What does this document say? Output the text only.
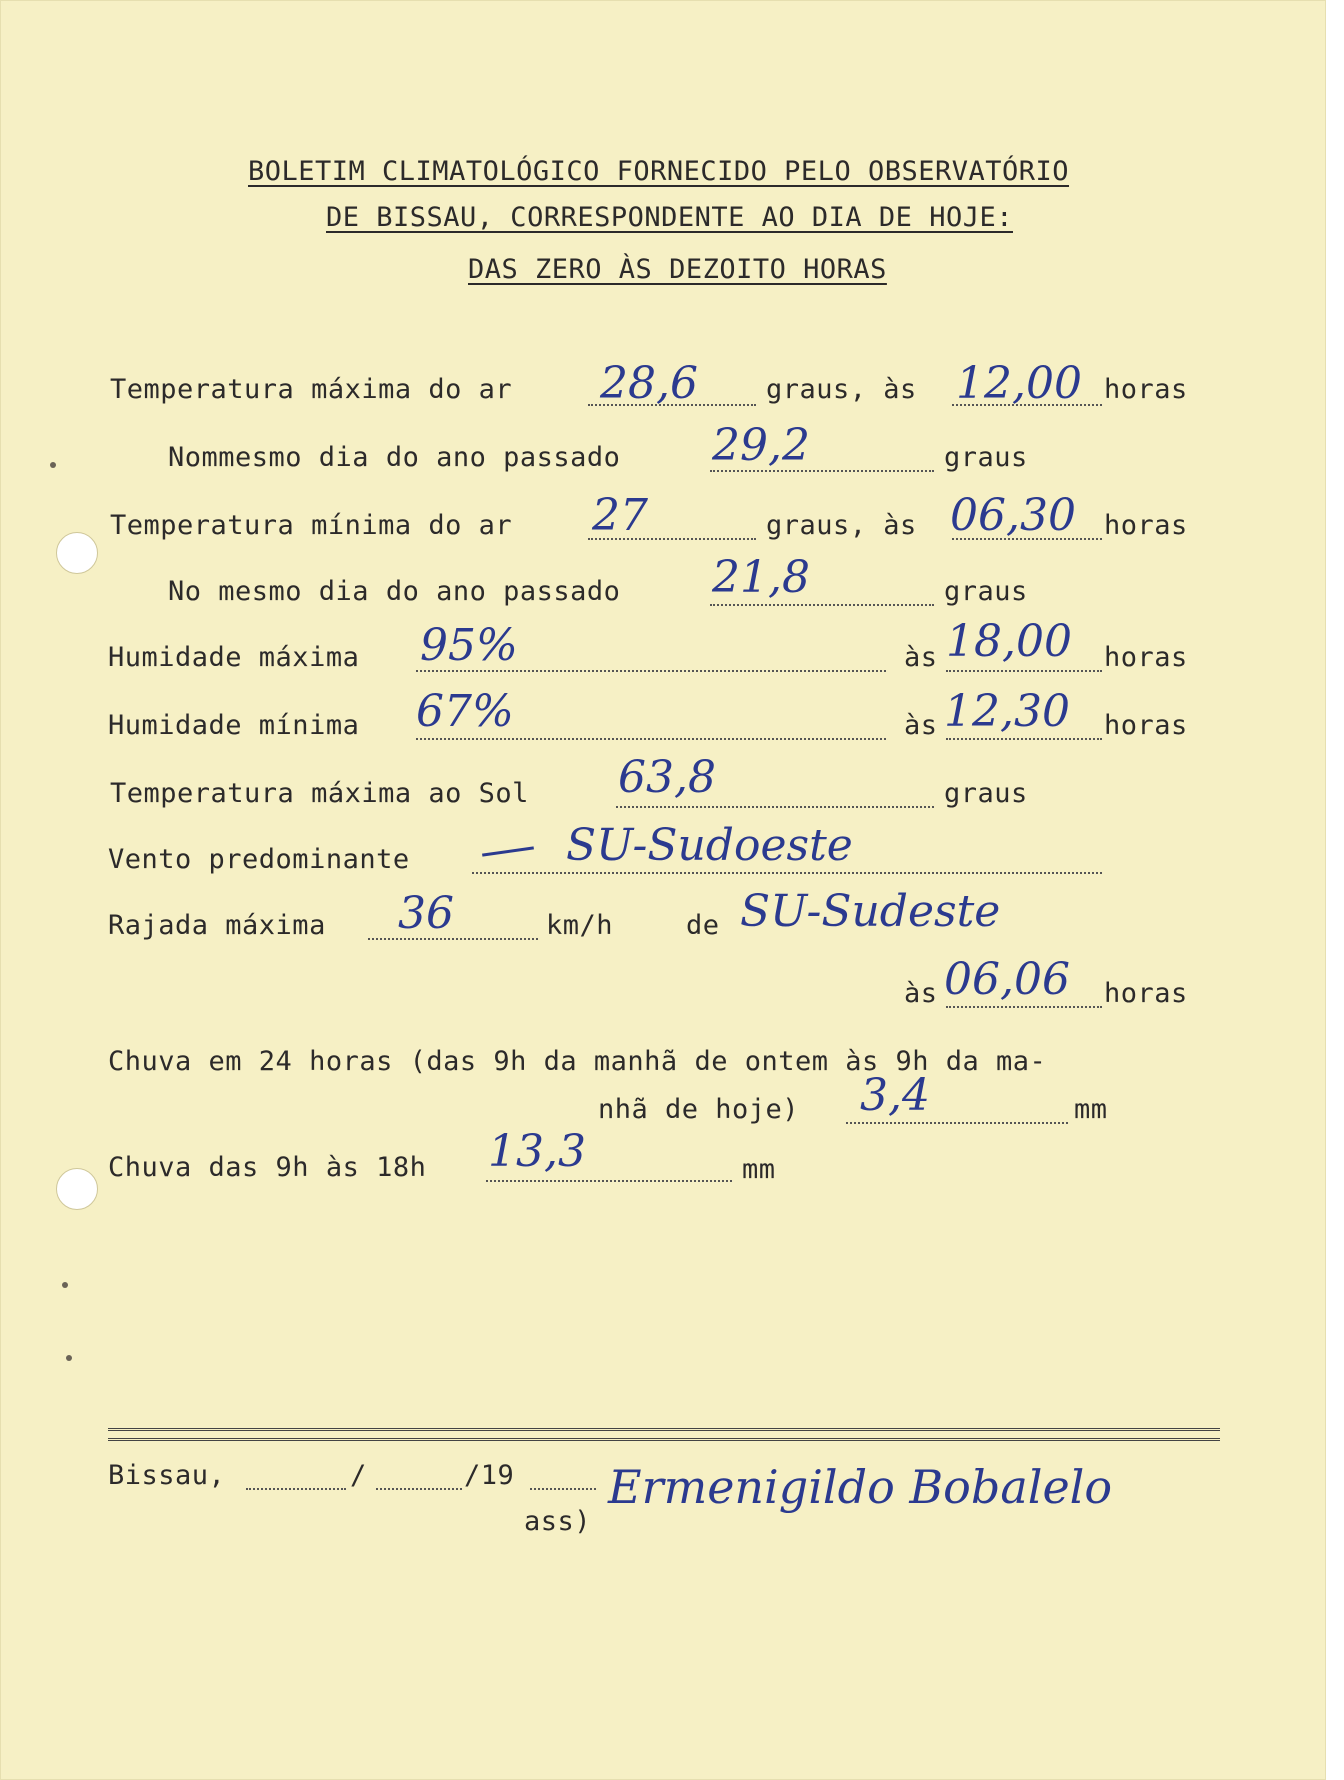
BOLETIM CLIMATOLÓGICO FORNECIDO PELO OBSERVATÓRIO
DE BISSAU, CORRESPONDENTE AO DIA DE HOJE:
DAS ZERO ÀS DEZOITO HORAS
Temperatura máxima do ar 28,6	graus, às 12,00 horas
Nommesmo dia do ano passado 29,2	graus
Temperatura mínima do ar 27	graus, às 06,30 horas
No mesmo dia do ano passado 21,8	graus
Humidade máxima 95%	às 18,00 horas
Humidade mínima 67%	às 12,30 horas
Temperatura máxima ao Sol 63,8	graus
Vento predominante	SU-Sudoeste
Rajada máxima 36	km/h	de SU-Sudeste
às 06,06 horas
Chuva em 24 horas (das 9h da manhã de ontem às 9h da ma-
nhã de hoje) 3,4	mm
Chuva das 9h às 18h 13,3	mm
Bissau,	/	/19
ass)
Ermenigildo Bobalelo
